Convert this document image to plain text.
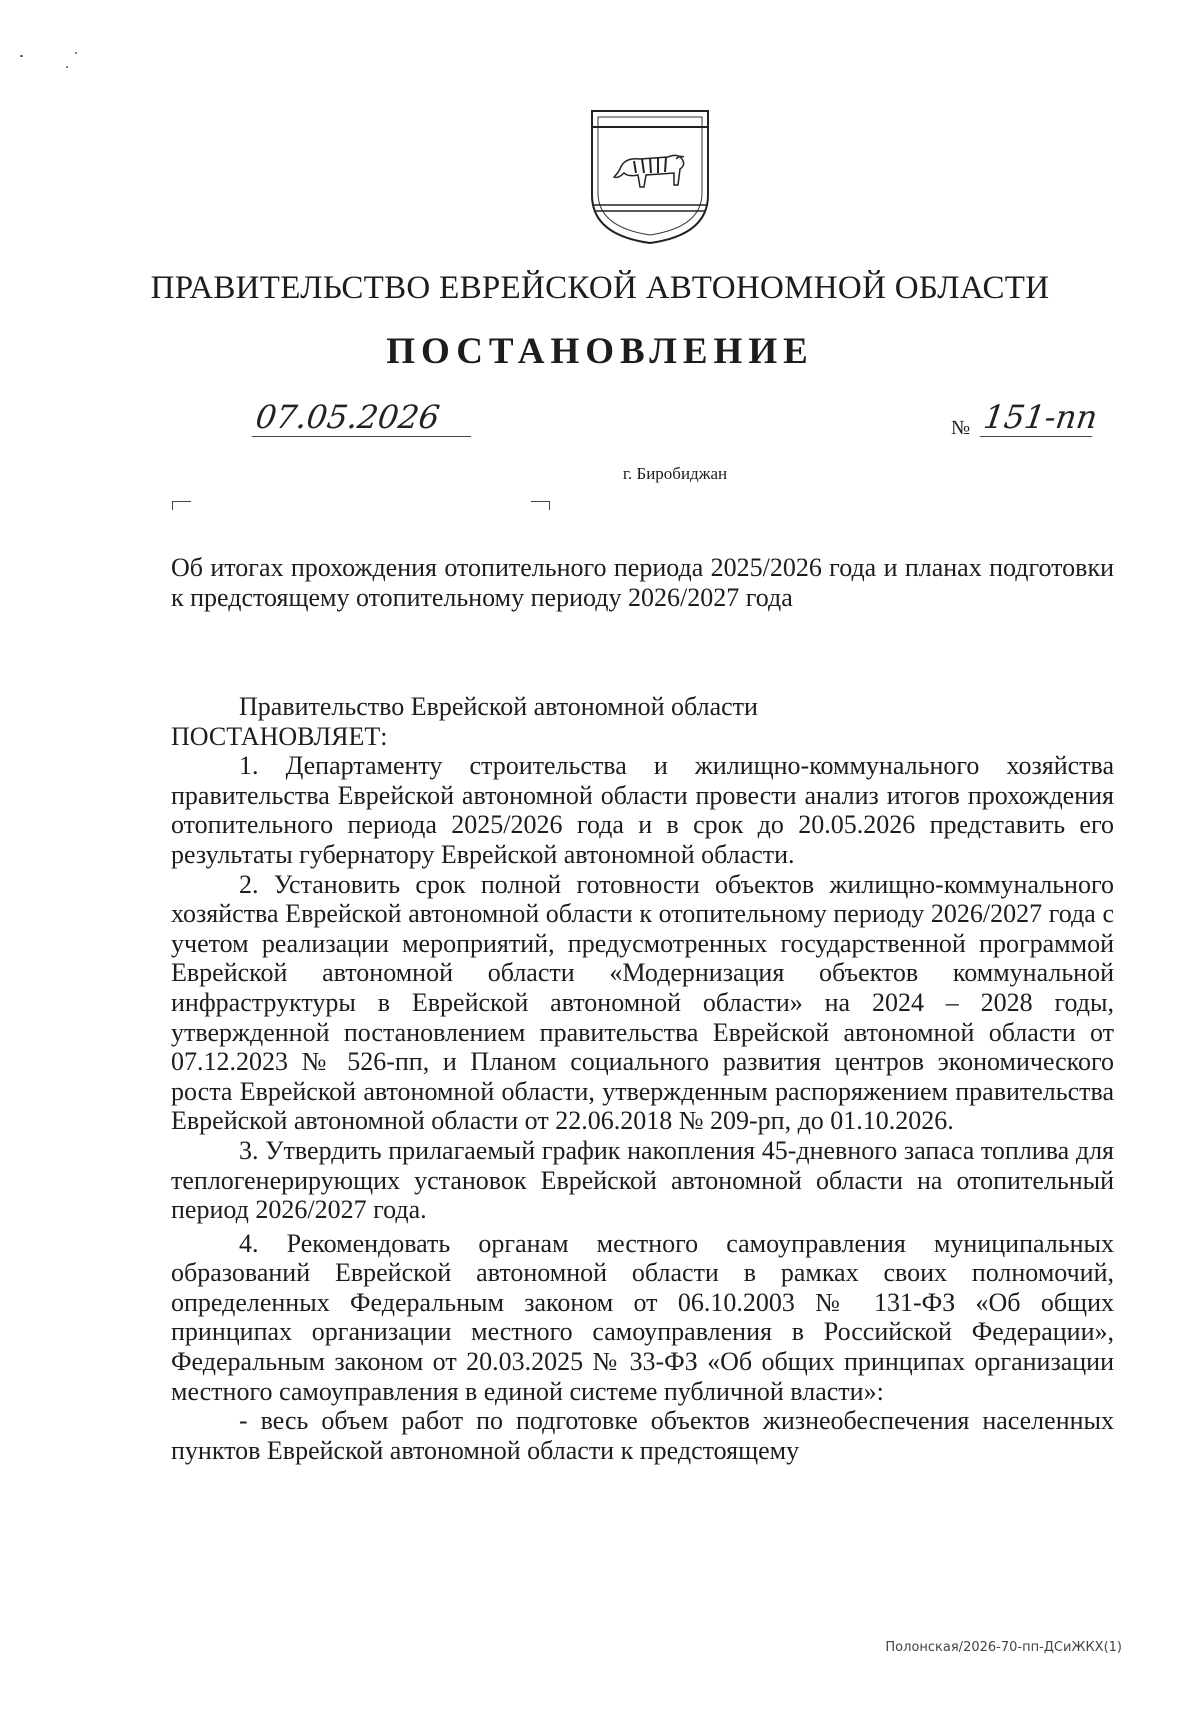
ПРАВИТЕЛЬСТВО ЕВРЕЙСКОЙ АВТОНОМНОЙ ОБЛАСТИ
ПОСТАНОВЛЕНИЕ
07.05.2026	№ 151-пп
г. Биробиджан

Об итогах прохождения отопительного периода 2025/2026 года и планах подготовки к предстоящему отопительному периоду 2026/2027 года

Правительство Еврейской автономной области

ПОСТАНОВЛЯЕТ:

1. Департаменту строительства и жилищно-коммунального хозяйства правительства Еврейской автономной области провести анализ итогов прохождения отопительного периода 2025/2026 года и в срок до 20.05.2026 представить его результаты губернатору Еврейской автономной области.

2. Установить срок полной готовности объектов жилищно-коммунального хозяйства Еврейской автономной области к отопительному периоду 2026/2027 года с учетом реализации мероприятий, предусмотренных государственной программой Еврейской автономной области «Модернизация объектов коммунальной инфраструктуры в Еврейской автономной области» на 2024 – 2028 годы, утвержденной постановлением правительства Еврейской автономной области от 07.12.2023 № 526-пп, и Планом социального развития центров экономического роста Еврейской автономной области, утвержденным распоряжением правительства Еврейской автономной области от 22.06.2018 № 209-рп, до 01.10.2026.

3. Утвердить прилагаемый график накопления 45-дневного запаса топлива для теплогенерирующих установок Еврейской автономной области на отопительный период 2026/2027 года.

4. Рекомендовать органам местного самоуправления муниципальных образований Еврейской автономной области в рамках своих полномочий, определенных Федеральным законом от 06.10.2003 № 131-ФЗ «Об общих принципах организации местного самоуправления в Российской Федерации», Федеральным законом от 20.03.2025 № 33-ФЗ «Об общих принципах организации местного самоуправления в единой системе публичной власти»:

- весь объем работ по подготовке объектов жизнеобеспечения населенных пунктов Еврейской автономной области к предстоящему

Полонская/2026-70-пп-ДСиЖКХ(1)
